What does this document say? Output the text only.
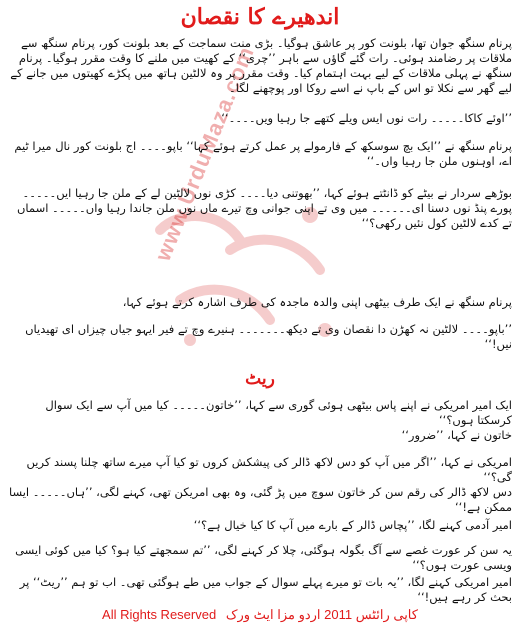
www.UrduMaza.com
اندھیرے کا نقصان

پرنام سنگھ جوان تھا، بلونت کور پر عاشق ہوگیا۔ بڑی منت سماجت کے بعد بلونت کور، پرنام سنگھ سے ملاقات پر رضامند ہوئی۔ رات گئے گاؤں سے باہر ’’چری‘‘ کے کھیت میں ملنے کا وقت مقرر ہوگیا۔ پرنام سنگھ نے پہلی ملاقات کے لیے بہت اہتمام کیا۔ وقت مقرر پر وہ لالٹین ہاتھ میں پکڑے کھیتوں میں جانے کے لیے گھر سے نکلا تو اس کے باپ نے اسے روکا اور پوچھنے لگا۔

’’اوئے کاکا۔۔۔۔۔ رات نوں ایس ویلے کتھے جا رہیا ویں۔۔۔۔‘‘

پرنام سنگھ نے ’’ایک بچ سوسکھ کے فارمولے پر عمل کرتے ہوئے کہا‘‘ باپو۔۔۔۔ اج بلونت کور نال میرا ٹیم اے، اوہنوں ملن جا رہیا واں۔‘‘

بوڑھے سردار نے بیٹے کو ڈانٹتے ہوئے کہا، ’’بھوتنی دیا۔۔۔۔ کڑی نوں لالٹین لے کے ملن جا رہیا ایں۔۔۔۔۔ پورے پنڈ نوں دسنا ای۔۔۔۔۔۔ میں وی تے اپنی جوانی وچ تیرے ماں نوں ملن جاندا رہیا واں۔۔۔۔۔ اسماں تے کدے لالٹین کول نئیں رکھی؟‘‘

پرنام سنگھ نے ایک طرف بیٹھی اپنی والدہ ماجدہ کی طرف اشارہ کرتے ہوئے کہا،

’’باپو۔۔۔۔ لالٹین نہ کھڑن دا نقصان وی تے دیکھ۔۔۔۔۔۔۔ ہنیرے وچ تے فیر ایہو جیاں چیزاں ای تھیدیاں نیں!‘‘

ریٹ

ایک امیر امریکی نے اپنے پاس بیٹھی ہوئی گوری سے کہا، ’’خاتون۔۔۔۔۔ کیا میں آپ سے ایک سوال کرسکتا ہوں؟‘‘

خاتون نے کہا، ’’ضرور‘‘

امریکی نے کہا، ’’اگر میں آپ کو دس لاکھ ڈالر کی پیشکش کروں تو کیا آپ میرے ساتھ چلنا پسند کریں گی؟‘‘

دس لاکھ ڈالر کی رقم سن کر خاتون سوچ میں پڑ گئی، وہ بھی امریکن تھی، کہنے لگی، ’’ہاں۔۔۔۔۔ ایسا ممکن ہے!‘‘

امیر آدمی کہنے لگا، ’’پچاس ڈالر کے بارے میں آپ کا کیا خیال ہے؟‘‘

یہ سن کر عورت غصے سے آگ بگولہ ہوگئی، چلا کر کہنے لگی، ’’تم سمجھتے کیا ہو؟ کیا میں کوئی ایسی ویسی عورت ہوں؟‘‘

امیر امریکی کہنے لگا، ’’یہ بات تو میرے پہلے سوال کے جواب میں طے ہوگئی تھی۔ اب تو ہم ’’ریٹ‘‘ پر بحث کر رہے ہیں!‘‘

All Rights Reserved کاپی رائٹس 2011 اردو مزا ایٹ ورک
